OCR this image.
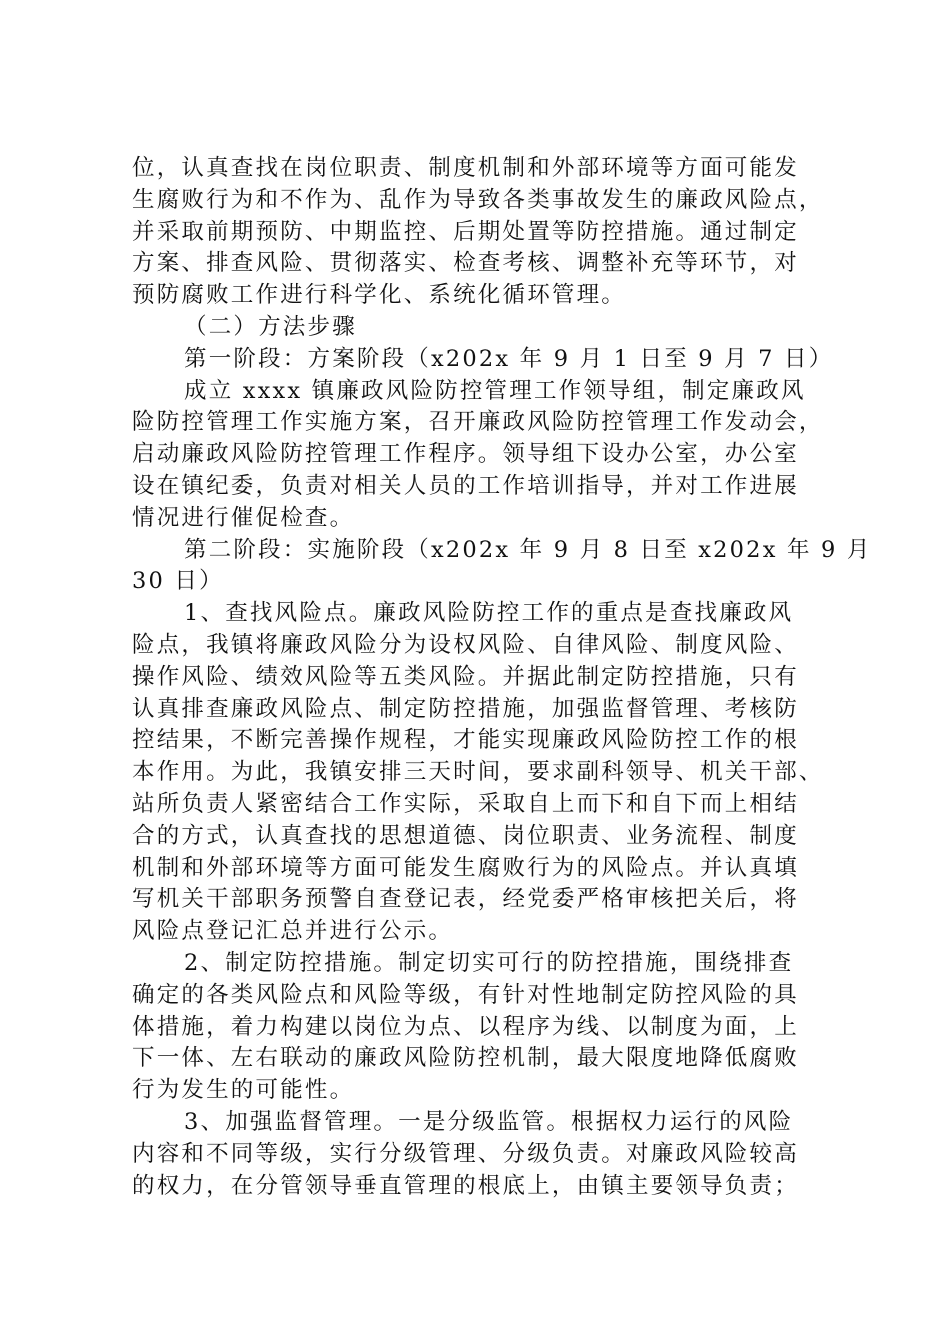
位，认真查找在岗位职责、制度机制和外部环境等方面可能发
生腐败行为和不作为、乱作为导致各类事故发生的廉政风险点，
并采取前期预防、中期监控、后期处置等防控措施。通过制定
方案、排查风险、贯彻落实、检查考核、调整补充等环节，对
预防腐败工作进行科学化、系统化循环管理。
（二）方法步骤
第一阶段：方案阶段（x202x 年 9 月 1 日至 9 月 7 日）
成立 xxxx 镇廉政风险防控管理工作领导组，制定廉政风
险防控管理工作实施方案，召开廉政风险防控管理工作发动会，
启动廉政风险防控管理工作程序。领导组下设办公室，办公室
设在镇纪委，负责对相关人员的工作培训指导，并对工作进展
情况进行催促检查。
第二阶段：实施阶段（x202x 年 9 月 8 日至 x202x 年 9 月
30 日）
1、查找风险点。廉政风险防控工作的重点是查找廉政风
险点，我镇将廉政风险分为设权风险、自律风险、制度风险、
操作风险、绩效风险等五类风险。并据此制定防控措施，只有
认真排查廉政风险点、制定防控措施，加强监督管理、考核防
控结果，不断完善操作规程，才能实现廉政风险防控工作的根
本作用。为此，我镇安排三天时间，要求副科领导、机关干部、
站所负责人紧密结合工作实际，采取自上而下和自下而上相结
合的方式，认真查找的思想道德、岗位职责、业务流程、制度
机制和外部环境等方面可能发生腐败行为的风险点。并认真填
写机关干部职务预警自查登记表，经党委严格审核把关后，将
风险点登记汇总并进行公示。
2、制定防控措施。制定切实可行的防控措施，围绕排查
确定的各类风险点和风险等级，有针对性地制定防控风险的具
体措施，着力构建以岗位为点、以程序为线、以制度为面，上
下一体、左右联动的廉政风险防控机制，最大限度地降低腐败
行为发生的可能性。
3、加强监督管理。一是分级监管。根据权力运行的风险
内容和不同等级，实行分级管理、分级负责。对廉政风险较高
的权力，在分管领导垂直管理的根底上，由镇主要领导负责；
